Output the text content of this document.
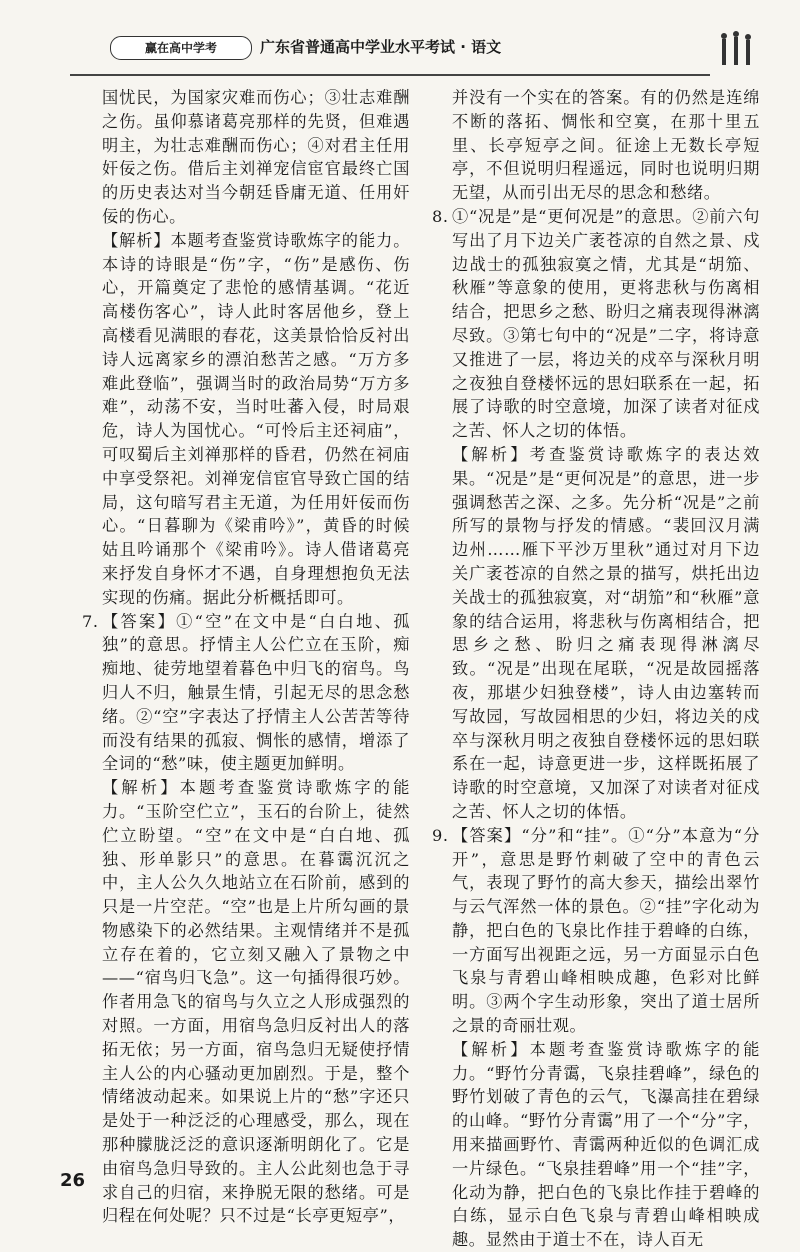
赢在高中学考	广东省普通高中学业水平考试 · 语文

国忧民，为国家灾难而伤心；③壮志难酬之伤。虽仰慕诸葛亮那样的先贤，但难遇明主，为壮志难酬而伤心；④对君主任用奸佞之伤。借后主刘禅宠信宦官最终亡国的历史表达对当今朝廷昏庸无道、任用奸佞的伤心。

【解析】本题考查鉴赏诗歌炼字的能力。本诗的诗眼是“伤”字，“伤”是感伤、伤心，开篇奠定了悲怆的感情基调。“花近高楼伤客心”，诗人此时客居他乡，登上高楼看见满眼的春花，这美景恰恰反衬出诗人远离家乡的漂泊愁苦之感。“万方多难此登临”，强调当时的政治局势“万方多难”，动荡不安，当时吐蕃入侵，时局艰危，诗人为国忧心。“可怜后主还祠庙”，可叹蜀后主刘禅那样的昏君，仍然在祠庙中享受祭祀。刘禅宠信宦官导致亡国的结局，这句暗写君主无道，为任用奸佞而伤心。“日暮聊为《梁甫吟》”，黄昏的时候姑且吟诵那个《梁甫吟》。诗人借诸葛亮来抒发自身怀才不遇，自身理想抱负无法实现的伤痛。据此分析概括即可。

7. 【答案】①“空”在文中是“白白地、孤独”的意思。抒情主人公伫立在玉阶，痴痴地、徒劳地望着暮色中归飞的宿鸟。鸟归人不归，触景生情，引起无尽的思念愁绪。②“空”字表达了抒情主人公苦苦等待而没有结果的孤寂、惆怅的感情，增添了全词的“愁”味，使主题更加鲜明。

【解析】本题考查鉴赏诗歌炼字的能力。“玉阶空伫立”，玉石的台阶上，徒然伫立盼望。“空”在文中是“白白地、孤独、形单影只”的意思。在暮霭沉沉之中，主人公久久地站立在石阶前，感到的只是一片空茫。“空”也是上片所勾画的景物感染下的必然结果。主观情绪并不是孤立存在着的，它立刻又融入了景物之中——“宿鸟归飞急”。这一句插得很巧妙。作者用急飞的宿鸟与久立之人形成强烈的对照。一方面，用宿鸟急归反衬出人的落拓无依；另一方面，宿鸟急归无疑使抒情主人公的内心骚动更加剧烈。于是，整个情绪波动起来。如果说上片的“愁”字还只是处于一种泛泛的心理感受，那么，现在那种朦胧泛泛的意识逐渐明朗化了。它是由宿鸟急归导致的。主人公此刻也急于寻求自己的归宿，来挣脱无限的愁绪。可是归程在何处呢？只不过是“长亭更短亭”，

并没有一个实在的答案。有的仍然是连绵不断的落拓、惆怅和空寞，在那十里五里、长亭短亭之间。征途上无数长亭短亭，不但说明归程遥远，同时也说明归期无望，从而引出无尽的思念和愁绪。

8. ①“况是”是“更何况是”的意思。②前六句写出了月下边关广袤苍凉的自然之景、戍边战士的孤独寂寞之情，尤其是“胡笳、秋雁”等意象的使用，更将悲秋与伤离相结合，把思乡之愁、盼归之痛表现得淋漓尽致。③第七句中的“况是”二字，将诗意又推进了一层，将边关的戍卒与深秋月明之夜独自登楼怀远的思妇联系在一起，拓展了诗歌的时空意境，加深了读者对征戍之苦、怀人之切的体悟。

【解析】考查鉴赏诗歌炼字的表达效果。“况是”是“更何况是”的意思，进一步强调愁苦之深、之多。先分析“况是”之前所写的景物与抒发的情感。“裴回汉月满边州……雁下平沙万里秋”通过对月下边关广袤苍凉的自然之景的描写，烘托出边关战士的孤独寂寞，对“胡笳”和“秋雁”意象的结合运用，将悲秋与伤离相结合，把思乡之愁、盼归之痛表现得淋漓尽致。“况是”出现在尾联，“况是故园摇落夜，那堪少妇独登楼”，诗人由边塞转而写故园，写故园相思的少妇，将边关的戍卒与深秋月明之夜独自登楼怀远的思妇联系在一起，诗意更进一步，这样既拓展了诗歌的时空意境，又加深了对读者对征戍之苦、怀人之切的体悟。

9. 【答案】“分”和“挂”。①“分”本意为“分开”，意思是野竹刺破了空中的青色云气，表现了野竹的高大参天，描绘出翠竹与云气浑然一体的景色。②“挂”字化动为静，把白色的飞泉比作挂于碧峰的白练，一方面写出视距之远，另一方面显示白色飞泉与青碧山峰相映成趣，色彩对比鲜明。③两个字生动形象，突出了道士居所之景的奇丽壮观。

【解析】本题考查鉴赏诗歌炼字的能力。“野竹分青霭，飞泉挂碧峰”，绿色的野竹划破了青色的云气，飞瀑高挂在碧绿的山峰。“野竹分青霭”用了一个“分”字，用来描画野竹、青霭两种近似的色调汇成一片绿色。“飞泉挂碧峰”用一个“挂”字，化动为静，把白色的飞泉比作挂于碧峰的白练，显示白色飞泉与青碧山峰相映成趣。显然由于道士不在，诗人百无

26
